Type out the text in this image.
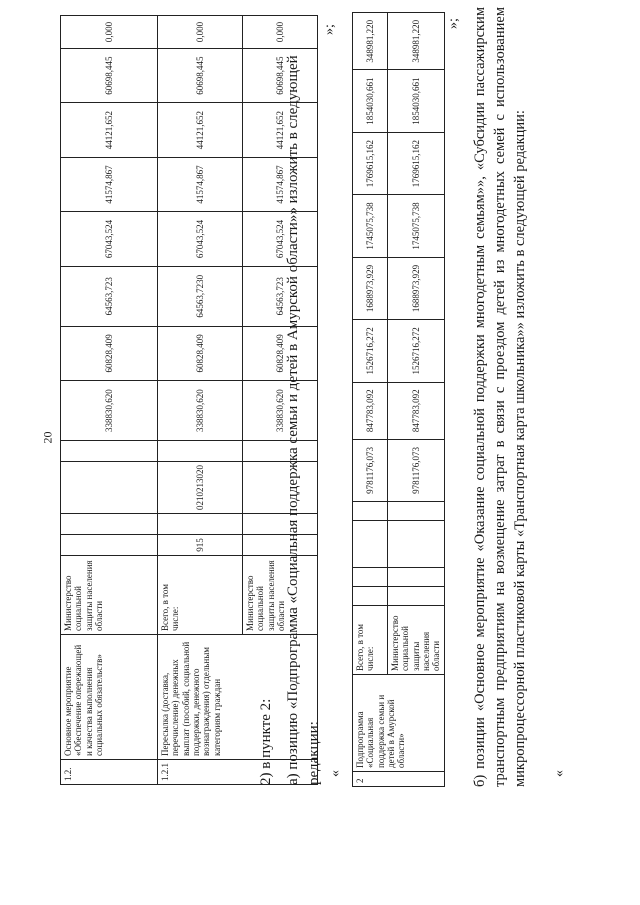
20
1.2.	Основное мероприятие «Обеспечение опережающей и качества выполнения социальных обязательств»	Министерство социальной защиты населения области					338830,620	60828,409	64563,723	67043,524	41574,867	44121,652	60698,445	0,000
1.2.1	Пересылка (доставка, перечисление) денежных выплат (пособий, социальной поддержки, денежного вознаграждения) отдельным категориям граждан	Всего, в том числе:	915		0210213020		338830,620	60828,409	64563,7230	67043,524	41574,867	44121,652	60698,445	0,000
		Министерство социальной защиты населения области					338830,620	60828,409	64563,723	67043,524	41574,867	44121,652	60698,445	0,000	»;
2) в пункте 2: а) позицию «Подпрограмма «Социальная поддержка семьи и детей в Амурской области»» изложить в следующей редакции: «
2	Подпрограмма «Социальная поддержка семьи и детей в Амурской области»	Всего, в том числе:					9781176,073	847783,092	1526716,272	1688973,929	1745075,738	1769615,162	1854030,661	348981,220
		Министерство социальной защиты населения области					9781176,073	847783,092	1526716,272	1688973,929	1745075,738	1769615,162	1854030,661	348981,220 »; б) позиции «Основное мероприятие «Оказание социальной поддержки многодетным семьям»», «Субсидии пассажирским транспортным предприятиям на возмещение затрат в связи с проездом детей из многодетных семей с использованием микропроцессорной пластиковой карты «Транспортная карта школьника»» изложить в следующей редакции: «
